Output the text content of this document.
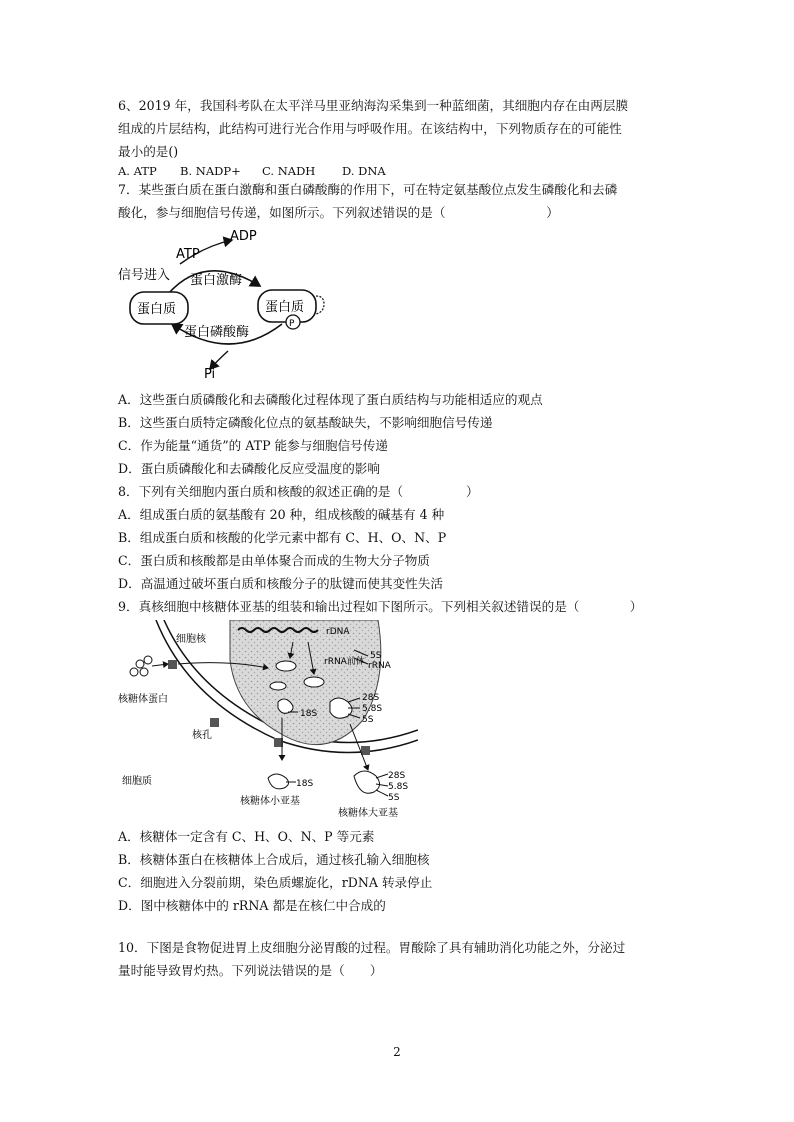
6、2019 年，我国科考队在太平洋马里亚纳海沟采集到一种蓝细菌，其细胞内存在由两层膜
组成的片层结构，此结构可进行光合作用与呼吸作用。在该结构中，下列物质存在的可能性
最小的是()
A. ATP B. NADP+ C. NADH D. DNA
7．某些蛋白质在蛋白激酶和蛋白磷酸酶的作用下，可在特定氨基酸位点发生磷酸化和去磷
酸化，参与细胞信号传递，如图所示。下列叙述错误的是（　　　　　　　　）
ADP
ATP
信号进入 蛋白激酶
蛋白质	蛋白质
P
蛋白磷酸酶
Pi
A．这些蛋白质磷酸化和去磷酸化过程体现了蛋白质结构与功能相适应的观点
B．这些蛋白质特定磷酸化位点的氨基酸缺失，不影响细胞信号传递
C．作为能量“通货”的 ATP 能参与细胞信号传递
D．蛋白质磷酸化和去磷酸化反应受温度的影响
8．下列有关细胞内蛋白质和核酸的叙述正确的是（　　　　　）
A．组成蛋白质的氨基酸有 20 种，组成核酸的碱基有 4 种
B．组成蛋白质和核酸的化学元素中都有 C、H、O、N、P
C．蛋白质和核酸都是由单体聚合而成的生物大分子物质
D．高温通过破坏蛋白质和核酸分子的肽键而使其变性失活
9．真核细胞中核糖体亚基的组装和输出过程如下图所示。下列相关叙述错误的是（　　　　）
细胞核
rDNA
rRNA前体
5S
rRNA
核糖体蛋白	28S
5.8S
18S
5S
核孔
细胞质	18S
核糖体小亚基
28S
5.8S
5S
核糖体大亚基
A．核糖体一定含有 C、H、O、N、P 等元素
B．核糖体蛋白在核糖体上合成后，通过核孔输入细胞核
C．细胞进入分裂前期，染色质螺旋化，rDNA 转录停止
D．图中核糖体中的 rRNA 都是在核仁中合成的
10．下图是食物促进胃上皮细胞分泌胃酸的过程。胃酸除了具有辅助消化功能之外，分泌过
量时能导致胃灼热。下列说法错误的是（　　）
2
